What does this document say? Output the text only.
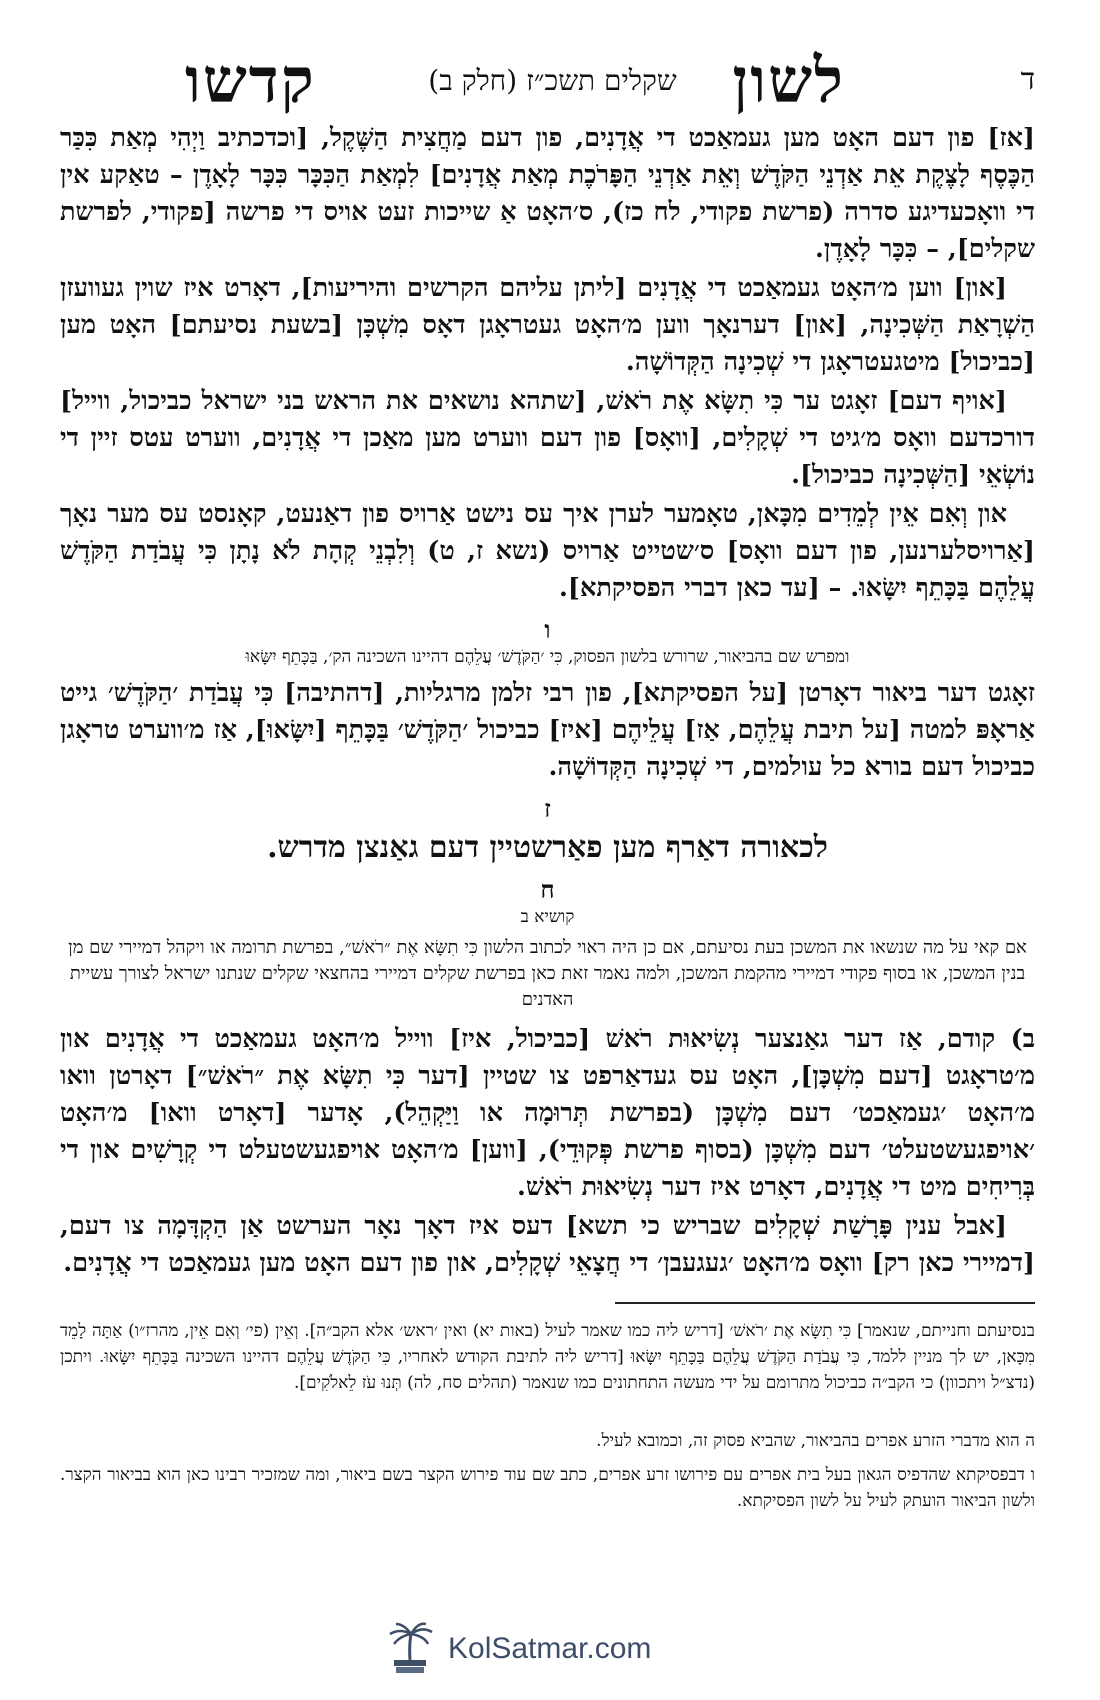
ד
לשון
שקלים תשכ״ז (חלק ב)
קדשו

[אז] פון דעם האָט מען געמאַכט די אֲדָנִים, פון דעם מַחֲצִית הַשֶּׁקֶל, [וכדכתיב וַיְהִי מְאַת כִּכַּר הַכֶּסֶף לָצֶקֶת אֵת אַדְנֵי הַקֹּדֶשׁ וְאֵת אַדְנֵי הַפָּרֹכֶת מְאַת אֲדָנִים] לִמְאַת הַכִּכָּר כִּכָּר לָאָדֶן – טאַקע אין די וואָכעדיגע סדרה (פרשת פקודי, לח כז), ס׳האָט אַ שייכות זעט אויס די פרשה [פקודי, לפרשת שקלים], – כִּכָּר לָאָדֶן.

[און] ווען מ׳האָט געמאַכט די אֲדָנִים [ליתן עליהם הקרשים והיריעות], דאָרט איז שוין געוועזן הַשְׁרָאַת הַשְּׁכִינָה, [און] דערנאָך ווען מ׳האָט געטראָגן דאָס מִשְׁכָּן [בשעת נסיעתם] האָט מען [כביכול] מיטגעטראָגן די שְׁכִינָה הַקְּדוֹשָׁה.

[אויף דעם] זאָגט ער כִּי תִשָּׂא אֶת רֹאשׁ, [שתהא נושאים את הראש בני ישראל כביכול, ווייל] דורכדעם וואָס מ׳גיט די שְׁקָלִים, [וואָס] פון דעם ווערט מען מאַכן די אֲדָנִים, ווערט עטס זיין די נוֹשְׂאֵי [הַשְּׁכִינָה כביכול].

און וְאִם אֵין לְמֵדִים מִכָּאן, טאָמער לערן איך עס נישט אַרויס פון דאַנעט, קאָנסט עס מער נאָך [אַרויסלערנען, פון דעם וואָס] ס׳שטייט אַרויס (נשא ז, ט) וְלִבְנֵי קְהָת לֹא נָתָן כִּי עֲבֹדַת הַקֹּדֶשׁ עֲלֵהֶם בַּכָּתֵף יִשָּׂאוּ. – [עד כאן דברי הפסיקתא].

ו
ומפרש שם בהביאור, שרורש בלשון הפסוק, כִּי ׳הַקֹּדֶשׁ׳ עֲלֵהֶם דהיינו השכינה הק׳, בַּכָּתֵף יִשָּׂאוּ

זאָגט דער ביאור דאָרטן [על הפסיקתא], פון רבי זלמן מרגליות, [דהתיבה] כִּי עֲבֹדַת ׳הַקֹּדֶשׁ׳ גייט אַראָפּ למטה [על תיבת עֲלֵהֶם, אַז] עֲלֵיהֶם [איז] כביכול ׳הַקֹּדֶשׁ׳ בַּכָּתֵף [יִשָּׂאוּ], אַז מ׳ווערט טראָגן כביכול דעם בורא כל עולמים, די שְׁכִינָה הַקְּדוֹשָׁה.

ז
לכאורה דאַרף מען פאַרשטיין דעם גאַנצן מדרש.
ח
קושיא ב
אם קאי על מה שנשאו את המשכן בעת נסיעתם, אם כן היה ראוי לכתוב הלשון כִּי תִשָּׂא אֶת ״רֹאשׁ״, בפרשת תרומה או ויקהל דמיירי שם מן בנין המשכן, או בסוף פקודי דמיירי מהקמת המשכן, ולמה נאמר זאת כאן בפרשת שקלים דמיירי בהחצאי שקלים שנתנו ישראל לצורך עשיית האדנים

ב) קודם, אַז דער גאַנצער נְשִׂיאוּת רֹאשׁ [כביכול, איז] ווייל מ׳האָט געמאַכט די אֲדָנִים און מ׳טראָגט [דעם מִשְׁכָּן], האָט עס געדאַרפט צו שטיין [דער כִּי תִשָּׂא אֶת ״רֹאשׁ״] דאָרטן וואו מ׳האָט ׳געמאַכט׳ דעם מִשְׁכָּן (בפרשת תְּרוּמָה או וַיַּקְהֵל), אָדער [דאָרט וואו] מ׳האָט ׳אויפגעשטעלט׳ דעם מִשְׁכָּן (בסוף פרשת פְּקוּדֵי), [ווען] מ׳האָט אויפגעשטעלט די קְרָשִׁים און די בְּרִיחִים מיט די אֲדָנִים, דאָרט איז דער נְשִׂיאוּת רֹאשׁ.

[אבל ענין פָּרָשַׁת שְׁקָלִים שבריש כי תשא] דעס איז דאָך נאָר הערשט אַן הַקְדָּמָה צו דעם, [דמיירי כאן רק] וואָס מ׳האָט ׳געגעבן׳ די חֲצָאֵי שְׁקָלִים, און פון דעם האָט מען געמאַכט די אֲדָנִים.

בנסיעתם וחנייתם, שנאמר] כִּי תִשָּׂא אֶת ׳רֹאשׁ׳ [דריש ליה כמו שאמר לעיל (באות יא) ואין ׳ראש׳ אלא הקב״ה]. וְאֵין (פי׳ וְאִם אֵין, מהרז״ו) אַתָּה לָמֵד מִכָּאן, יש לך מניין ללמד, כִּי עֲבֹדַת הַקֹּדֶשׁ עֲלֵהֶם בַּכָּתֵף יִשָּׂאוּ [דריש ליה לתיבת הקודש לאחריו, כִּי הַקֹּדֶשׁ עֲלֵהֶם דהיינו השכינה בַּכָּתֵף יִשָּׂאוּ. ויתכן (נדצ״ל ויתכוון) כי הקב״ה כביכול מתרומם על ידי מעשה התחתונים כמו שנאמר (תהלים סח, לה) תְּנוּ עֹז לֵאלֹקִים].
ה הוא מדברי הזרע אפרים בהביאור, שהביא פסוק זה, וכמובא לעיל.
ו דבפסיקתא שהדפיס הגאון בעל בית אפרים עם פירושו זרע אפרים, כתב שם עוד פירוש הקצר בשם ביאור, ומה שמזכיר רבינו כאן הוא בביאור הקצר. ולשון הביאור הועתק לעיל על לשון הפסיקתא.
KolSatmar.com
